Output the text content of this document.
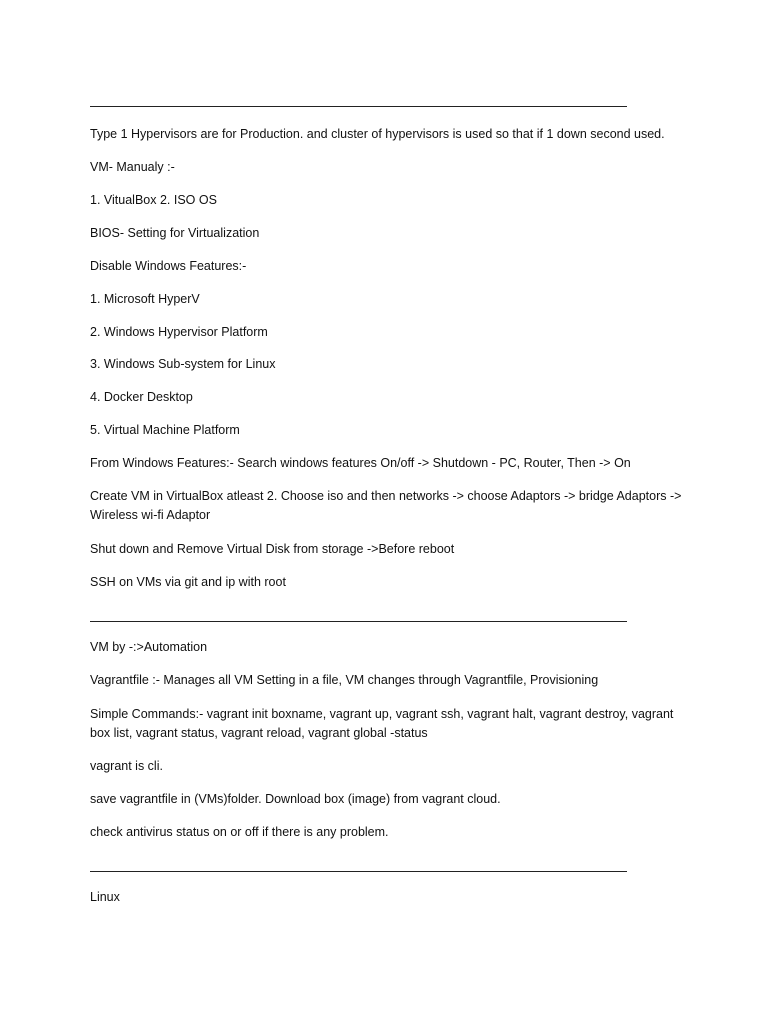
Type 1 Hypervisors are for Production. and cluster of hypervisors is used so that if 1 down second used.
VM- Manualy :-
1. VitualBox 2. ISO OS
BIOS- Setting for Virtualization
Disable Windows Features:-
1. Microsoft HyperV
2. Windows Hypervisor Platform
3. Windows Sub-system for Linux
4. Docker Desktop
5. Virtual Machine Platform
From Windows Features:- Search windows features On/off -> Shutdown - PC, Router, Then -> On
Create VM in VirtualBox atleast 2. Choose iso and then networks -> choose Adaptors -> bridge Adaptors -> Wireless wi-fi Adaptor
Shut down and Remove Virtual Disk from storage ->Before reboot
SSH on VMs via git and ip with root
VM by -:>Automation
Vagrantfile :- Manages all VM Setting in a file, VM changes through Vagrantfile, Provisioning
Simple Commands:- vagrant init boxname, vagrant up, vagrant ssh, vagrant halt, vagrant destroy, vagrant box list, vagrant status, vagrant reload, vagrant global -status
vagrant is cli.
save vagrantfile in (VMs)folder. Download box (image) from vagrant cloud.
check antivirus status on or off if there is any problem.
Linux
